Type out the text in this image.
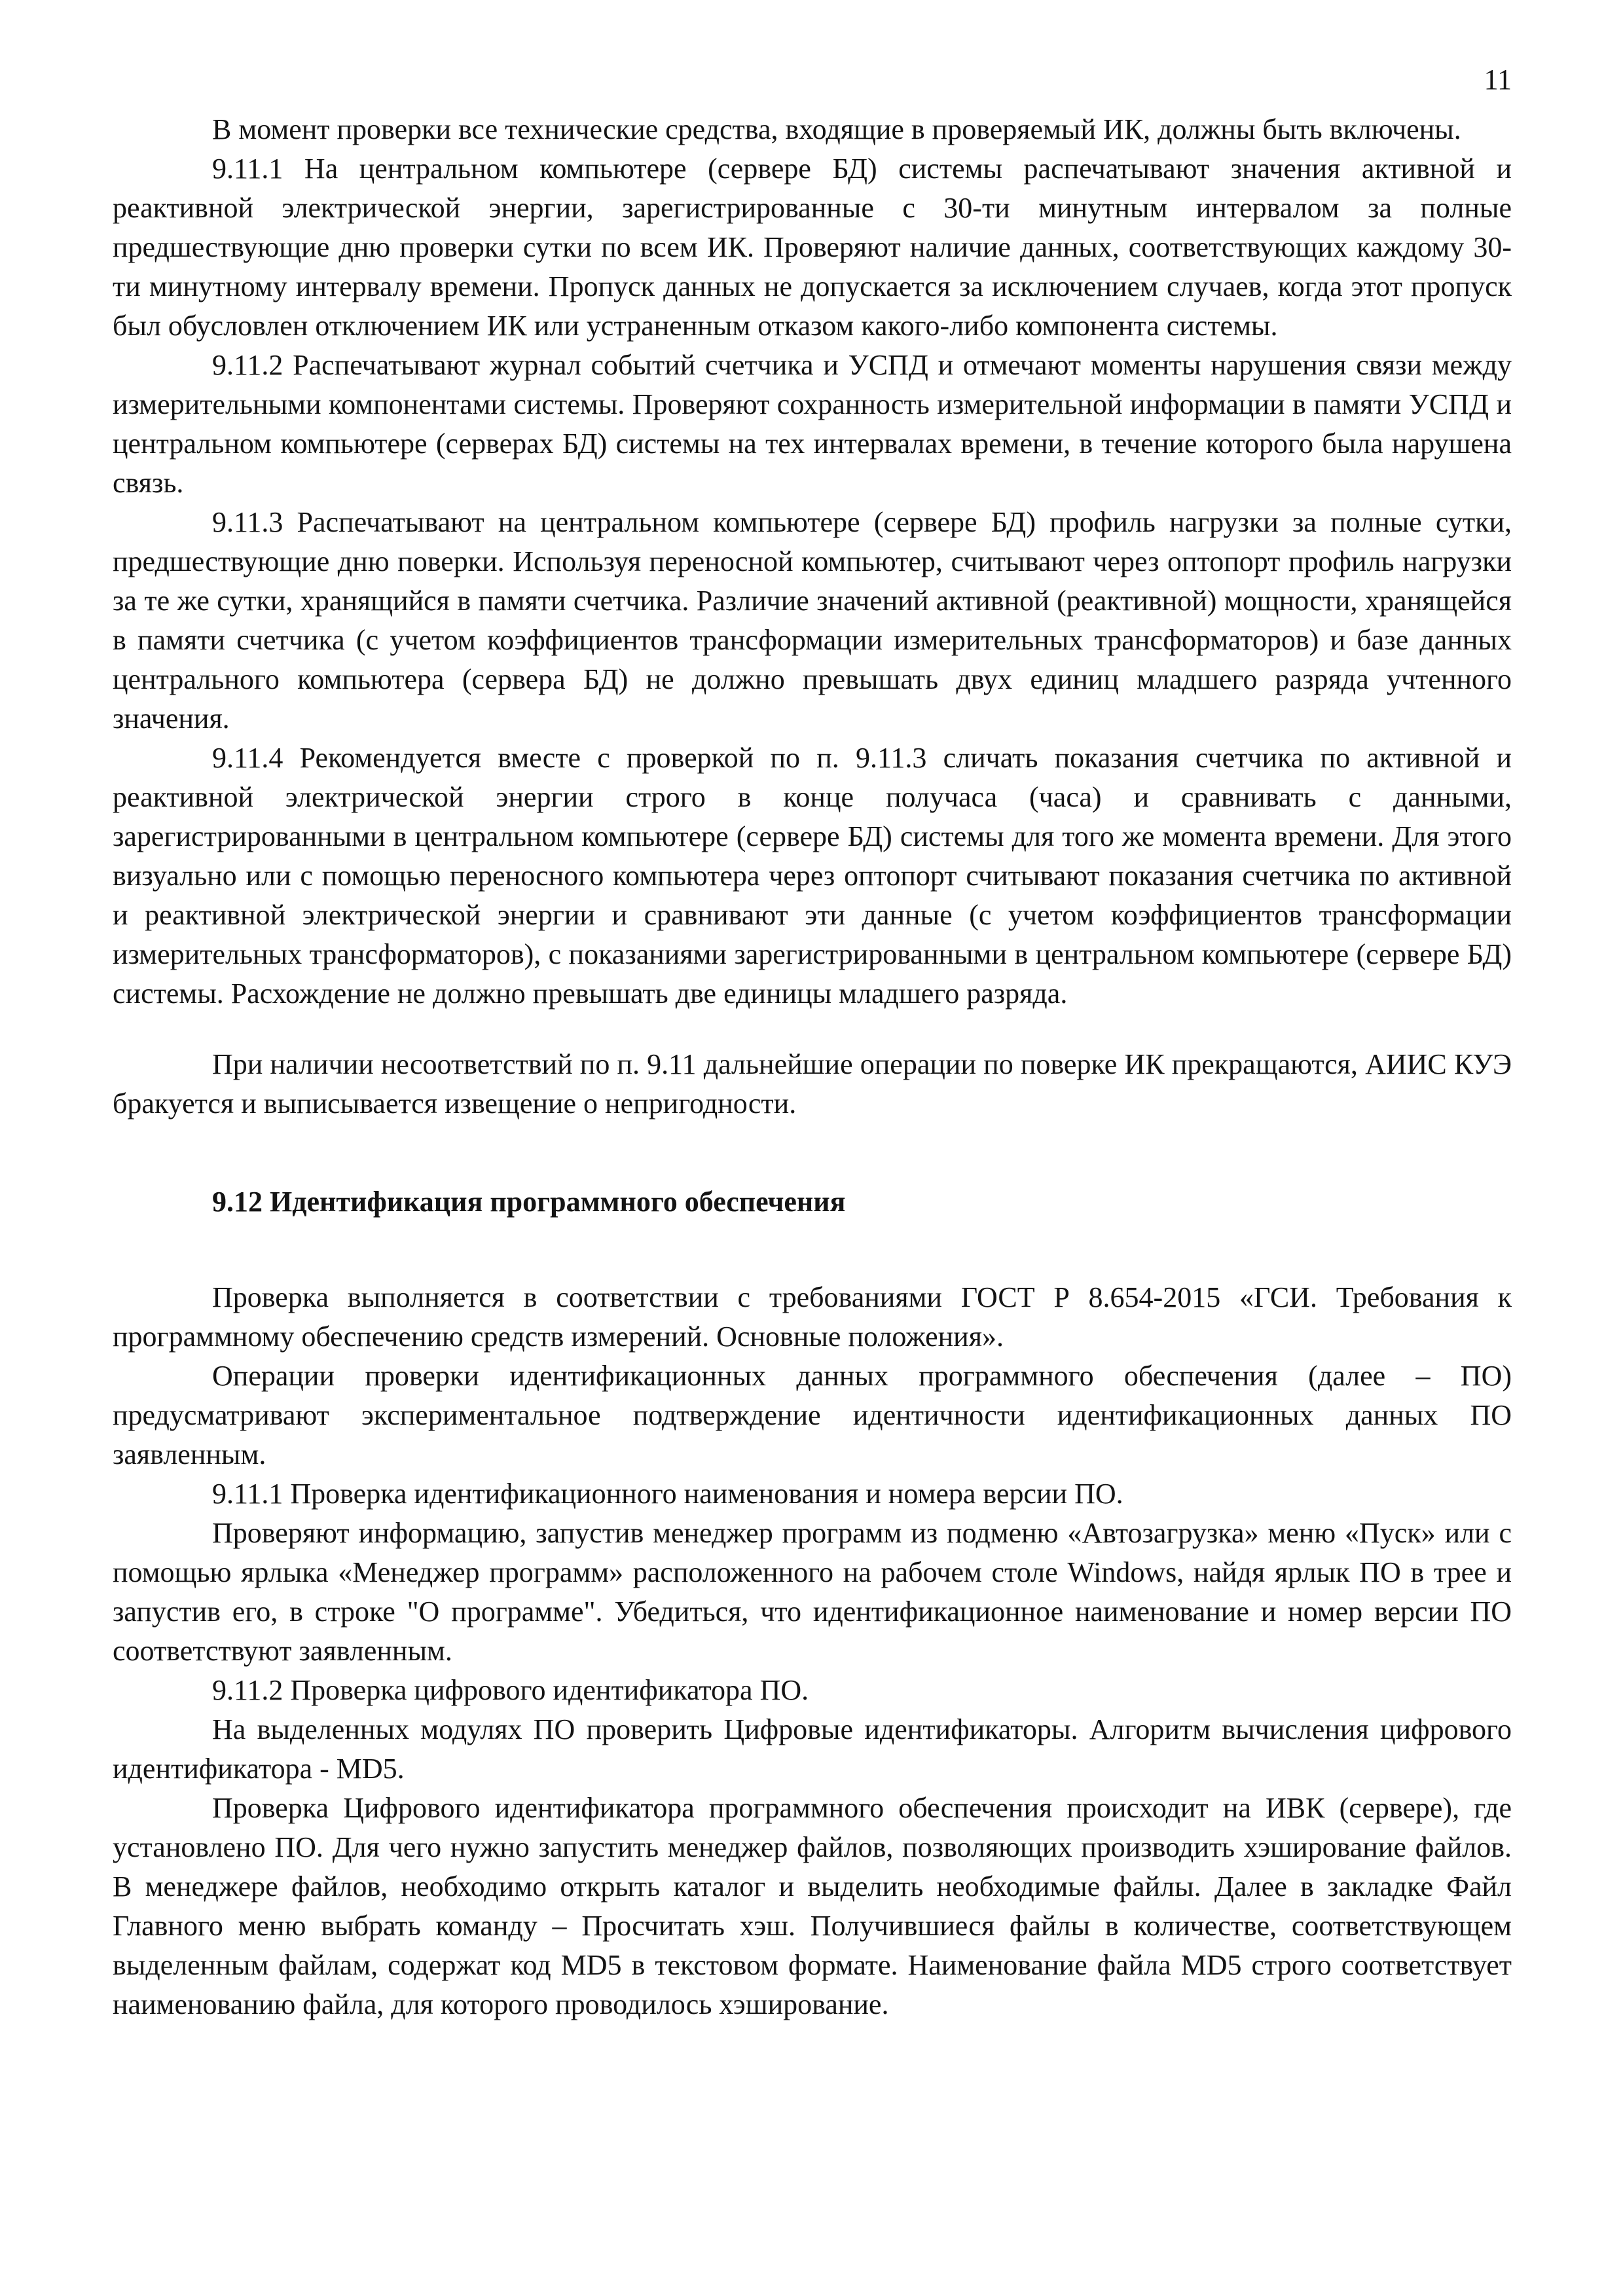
11

В момент проверки все технические средства, входящие в проверяемый ИК, должны быть включены.

9.11.1 На центральном компьютере (сервере БД) системы распечатывают значения активной и реактивной электрической энергии, зарегистрированные с 30-ти минутным интервалом за полные предшествующие дню проверки сутки по всем ИК. Проверяют наличие данных, соответствующих каждому 30-ти минутному интервалу времени. Пропуск данных не допускается за исключением случаев, когда этот пропуск был обусловлен отключением ИК или устраненным отказом какого-либо компонента системы.

9.11.2 Распечатывают журнал событий счетчика и УСПД и отмечают моменты нарушения связи между измерительными компонентами системы. Проверяют сохранность измерительной информации в памяти УСПД и центральном компьютере (серверах БД) системы на тех интервалах времени, в течение которого была нарушена связь.

9.11.3 Распечатывают на центральном компьютере (сервере БД) профиль нагрузки за полные сутки, предшествующие дню поверки. Используя переносной компьютер, считывают через оптопорт профиль нагрузки за те же сутки, хранящийся в памяти счетчика. Различие значений активной (реактивной) мощности, хранящейся в памяти счетчика (с учетом коэффициентов трансформации измерительных трансформаторов) и базе данных центрального компьютера (сервера БД) не должно превышать двух единиц младшего разряда учтенного значения.

9.11.4 Рекомендуется вместе с проверкой по п. 9.11.3 сличать показания счетчика по активной и реактивной электрической энергии строго в конце получаса (часа) и сравнивать с данными, зарегистрированными в центральном компьютере (сервере БД) системы для того же момента времени. Для этого визуально или с помощью переносного компьютера через оптопорт считывают показания счетчика по активной и реактивной электрической энергии и сравнивают эти данные (с учетом коэффициентов трансформации измерительных трансформаторов), с показаниями зарегистрированными в центральном компьютере (сервере БД) системы. Расхождение не должно превышать две единицы младшего разряда.

При наличии несоответствий по п. 9.11 дальнейшие операции по поверке ИК прекращаются, АИИС КУЭ бракуется и выписывается извещение о непригодности.

9.12 Идентификация программного обеспечения

Проверка выполняется в соответствии с требованиями ГОСТ Р 8.654-2015 «ГСИ. Требования к программному обеспечению средств измерений. Основные положения».

Операции проверки идентификационных данных программного обеспечения (далее – ПО) предусматривают экспериментальное подтверждение идентичности идентификационных данных ПО заявленным.

9.11.1 Проверка идентификационного наименования и номера версии ПО.

Проверяют информацию, запустив менеджер программ из подменю «Автозагрузка» меню «Пуск» или с помощью ярлыка «Менеджер программ» расположенного на рабочем столе Windows, найдя ярлык ПО в трее и запустив его, в строке "О программе". Убедиться, что идентификационное наименование и номер версии ПО соответствуют заявленным.

9.11.2 Проверка цифрового идентификатора ПО.

На выделенных модулях ПО проверить Цифровые идентификаторы. Алгоритм вычисления цифрового идентификатора - MD5.

Проверка Цифрового идентификатора программного обеспечения происходит на ИВК (сервере), где установлено ПО. Для чего нужно запустить менеджер файлов, позволяющих производить хэширование файлов. В менеджере файлов, необходимо открыть каталог и выделить необходимые файлы. Далее в закладке Файл Главного меню выбрать команду – Просчитать хэш. Получившиеся файлы в количестве, соответствующем выделенным файлам, содержат код MD5 в текстовом формате. Наименование файла MD5 строго соответствует наименованию файла, для которого проводилось хэширование.
